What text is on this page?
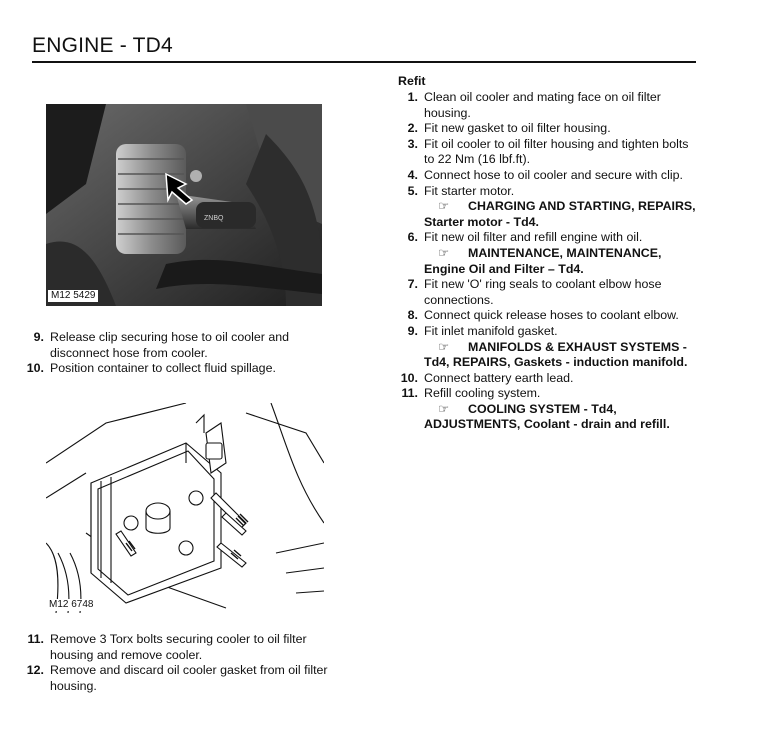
ENGINE - TD4
ZNBQ
M12 5429
9. Release clip securing hose to oil cooler and disconnect hose from cooler.
10. Position container to collect fluid spillage.
M12 6748
11. Remove 3 Torx bolts securing cooler to oil filter housing and remove cooler.
12. Remove and discard oil cooler gasket from oil filter housing.
Refit
1. Clean oil cooler and mating face on oil filter housing.
2. Fit new gasket to oil filter housing.
3. Fit oil cooler to oil filter housing and tighten bolts to 22 Nm (16 lbf.ft).
4. Connect hose to oil cooler and secure with clip.
5. Fit starter motor.
☞ CHARGING AND STARTING, REPAIRS, Starter motor - Td4.
6. Fit new oil filter and refill engine with oil.
☞ MAINTENANCE, MAINTENANCE, Engine Oil and Filter – Td4.
7. Fit new 'O' ring seals to coolant elbow hose connections.
8. Connect quick release hoses to coolant elbow.
9. Fit inlet manifold gasket.
☞ MANIFOLDS & EXHAUST SYSTEMS - Td4, REPAIRS, Gaskets - induction manifold.
10. Connect battery earth lead.
11. Refill cooling system.
☞ COOLING SYSTEM - Td4, ADJUSTMENTS, Coolant - drain and refill.
